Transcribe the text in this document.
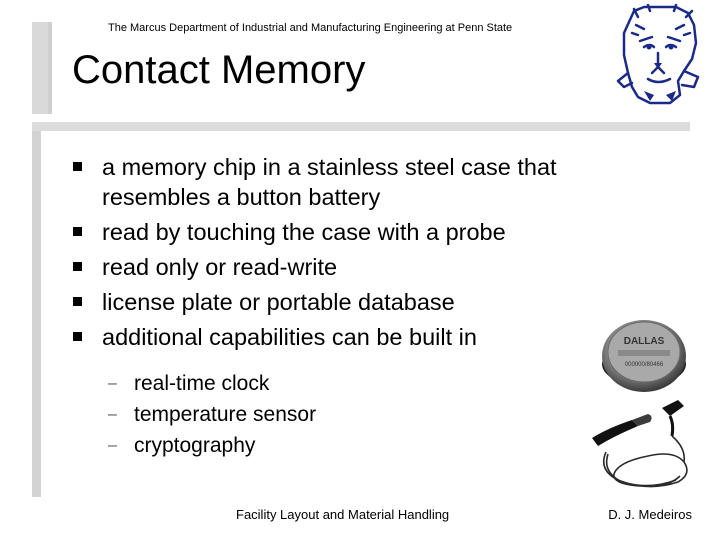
The Marcus Department of Industrial and Manufacturing Engineering at Penn State
Contact Memory
a memory chip in a stainless steel case that resembles a button battery
read by touching the case with a probe
read only or read-write
license plate or portable database
additional capabilities can be built in
– real-time clock
– temperature sensor
– cryptography
DALLAS
000000/80466
Facility Layout and Material Handling	D. J. Medeiros
